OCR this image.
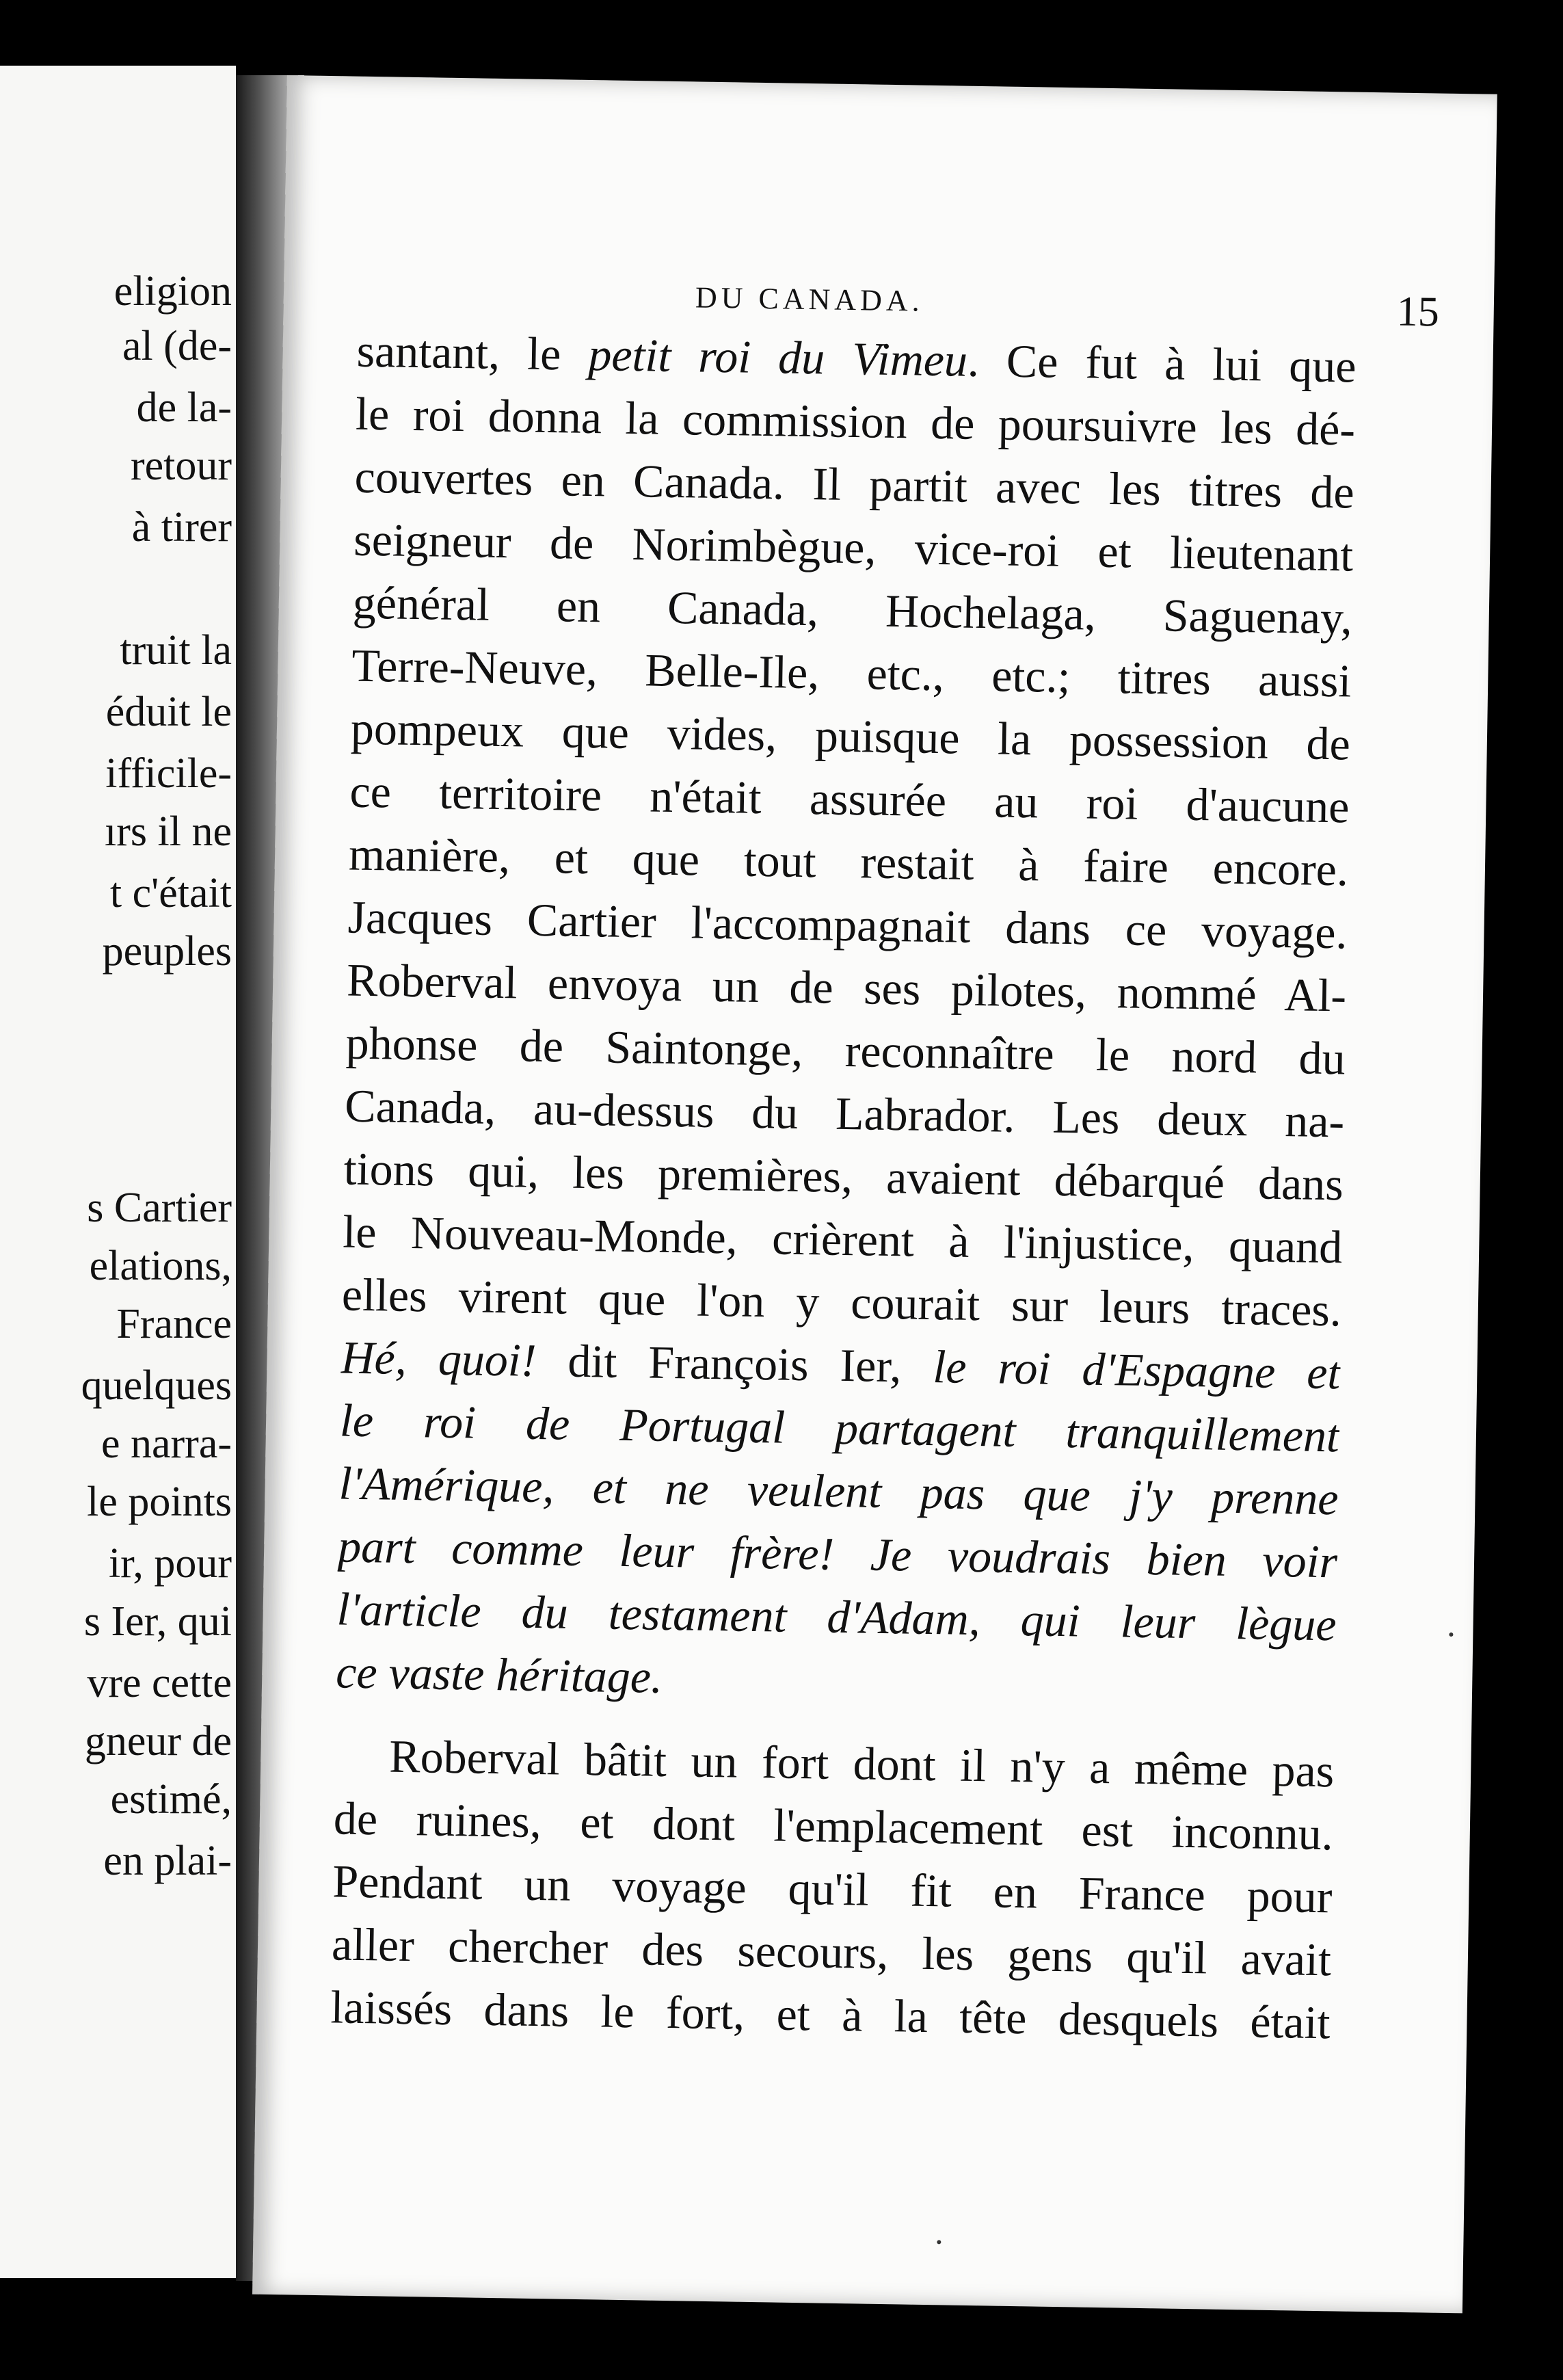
eligion
al (de-
de la-
retour
à tirer
truit la
éduit le
ifficile-
ırs il ne
t c'était
peuples
s Cartier
elations,
France
quelques
e narra-
le points
ir, pour
s Ier, qui
vre cette
gneur de
estimé,
en plai-
DU CANADA.	15
santant, le petit roi du Vimeu. Ce fut à lui que
le roi donna la commission de poursuivre les dé-
couvertes en Canada. Il partit avec les titres de
seigneur de Norimbègue, vice-roi et lieutenant
général en Canada, Hochelaga, Saguenay,
Terre-Neuve, Belle-Ile, etc., etc.; titres aussi
pompeux que vides, puisque la possession de
ce territoire n'était assurée au roi d'aucune
manière, et que tout restait à faire encore.
Jacques Cartier l'accompagnait dans ce voyage.
Roberval envoya un de ses pilotes, nommé Al-
phonse de Saintonge, reconnaître le nord du
Canada, au-dessus du Labrador. Les deux na-
tions qui, les premières, avaient débarqué dans
le Nouveau-Monde, crièrent à l'injustice, quand
elles virent que l'on y courait sur leurs traces.
Hé, quoi! dit François Ier, le roi d'Espagne et
le roi de Portugal partagent tranquillement
l'Amérique, et ne veulent pas que j'y prenne
part comme leur frère! Je voudrais bien voir
l'article du testament d'Adam, qui leur lègue
ce vaste héritage.
Roberval bâtit un fort dont il n'y a même pas
de ruines, et dont l'emplacement est inconnu.
Pendant un voyage qu'il fit en France pour
aller chercher des secours, les gens qu'il avait
laissés dans le fort, et à la tête desquels était
